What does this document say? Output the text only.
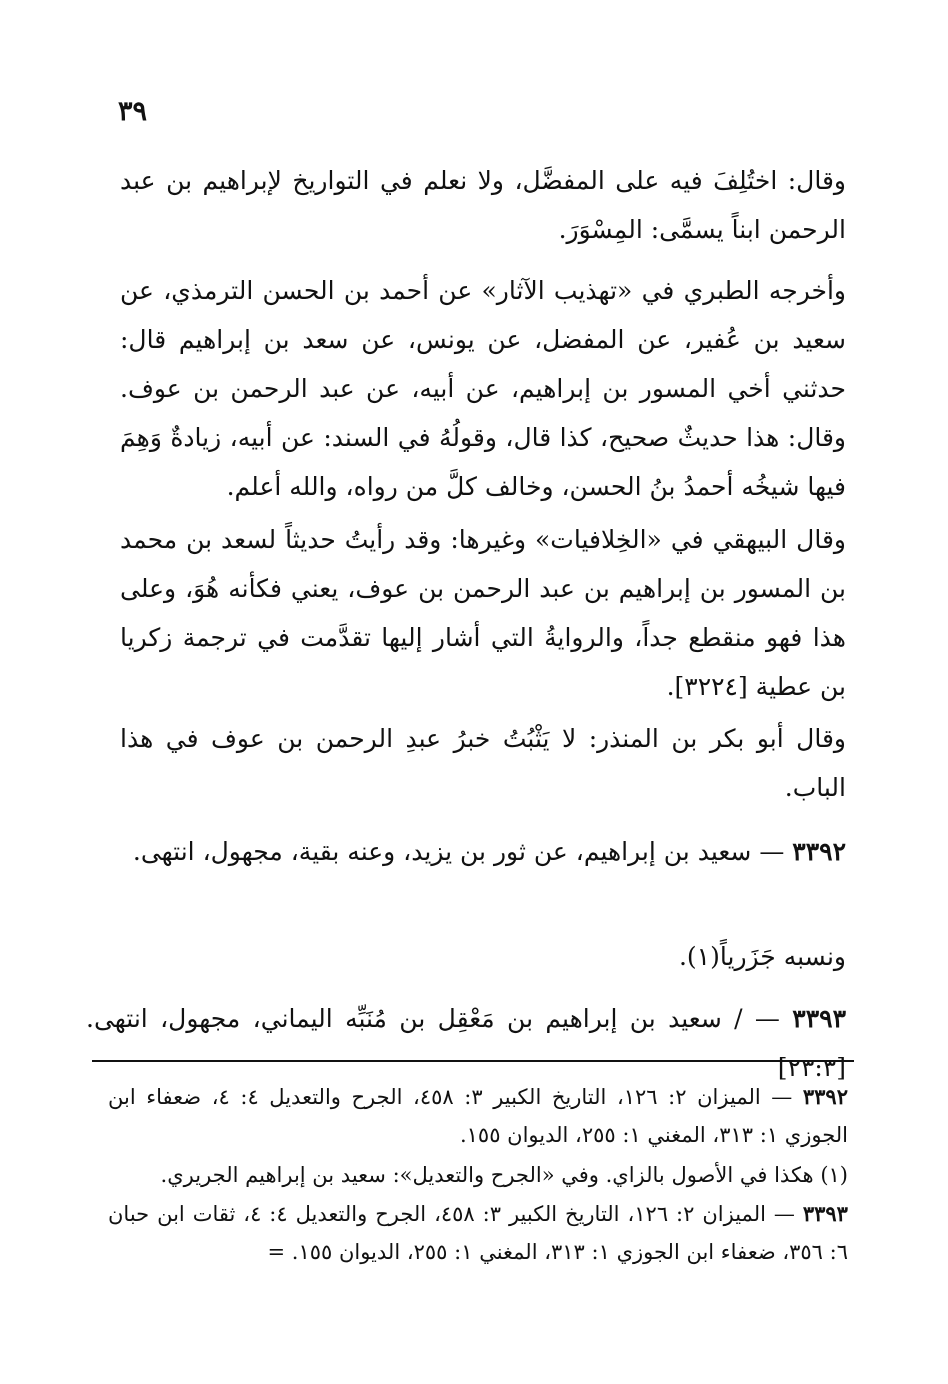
٣٩

وقال: اختُلِفَ فيه على المفضَّل، ولا نعلم في التواريخ لإبراهيم بن عبد الرحمن ابناً يسمَّى: المِسْوَرَ.

وأخرجه الطبري في «تهذيب الآثار» عن أحمد بن الحسن الترمذي، عن سعيد بن عُفير، عن المفضل، عن يونس، عن سعد بن إبراهيم قال: حدثني أخي المسور بن إبراهيم، عن أبيه، عن عبد الرحمن بن عوف. وقال: هذا حديثٌ صحيح، كذا قال، وقولُهُ في السند: عن أبيه، زيادةٌ وَهِمَ فيها شيخُه أحمدُ بنُ الحسن، وخالف كلَّ من رواه، والله أعلم.

وقال البيهقي في «الخِلافيات» وغيرها: وقد رأيتُ حديثاً لسعد بن محمد بن المسور بن إبراهيم بن عبد الرحمن بن عوف، يعني فكأنه هُوَ، وعلى هذا فهو منقطع جداً، والروايةُ التي أشار إليها تقدَّمت في ترجمة زكريا بن عطية [٣٢٢٤].

وقال أبو بكر بن المنذر: لا يَثْبُتُ خبرُ عبدِ الرحمن بن عوف في هذا الباب.

٣٣٩٢ — سعيد بن إبراهيم، عن ثور بن يزيد، وعنه بقية، مجهول، انتهى.

ونسبه جَزَرياً(١).

٣٣٩٣ — / سعيد بن إبراهيم بن مَعْقِل بن مُنَبِّه اليماني، مجهول، انتهى. [٢٣:٣]

٣٣٩٢ — الميزان ٢: ١٢٦، التاريخ الكبير ٣: ٤٥٨، الجرح والتعديل ٤: ٤، ضعفاء ابن الجوزي ١: ٣١٣، المغني ١: ٢٥٥، الديوان ١٥٥.

(١) هكذا في الأصول بالزاي. وفي «الجرح والتعديل»: سعيد بن إبراهيم الجريري.

٣٣٩٣ — الميزان ٢: ١٢٦، التاريخ الكبير ٣: ٤٥٨، الجرح والتعديل ٤: ٤، ثقات ابن حبان ٦: ٣٥٦، ضعفاء ابن الجوزي ١: ٣١٣، المغني ١: ٢٥٥، الديوان ١٥٥. =
